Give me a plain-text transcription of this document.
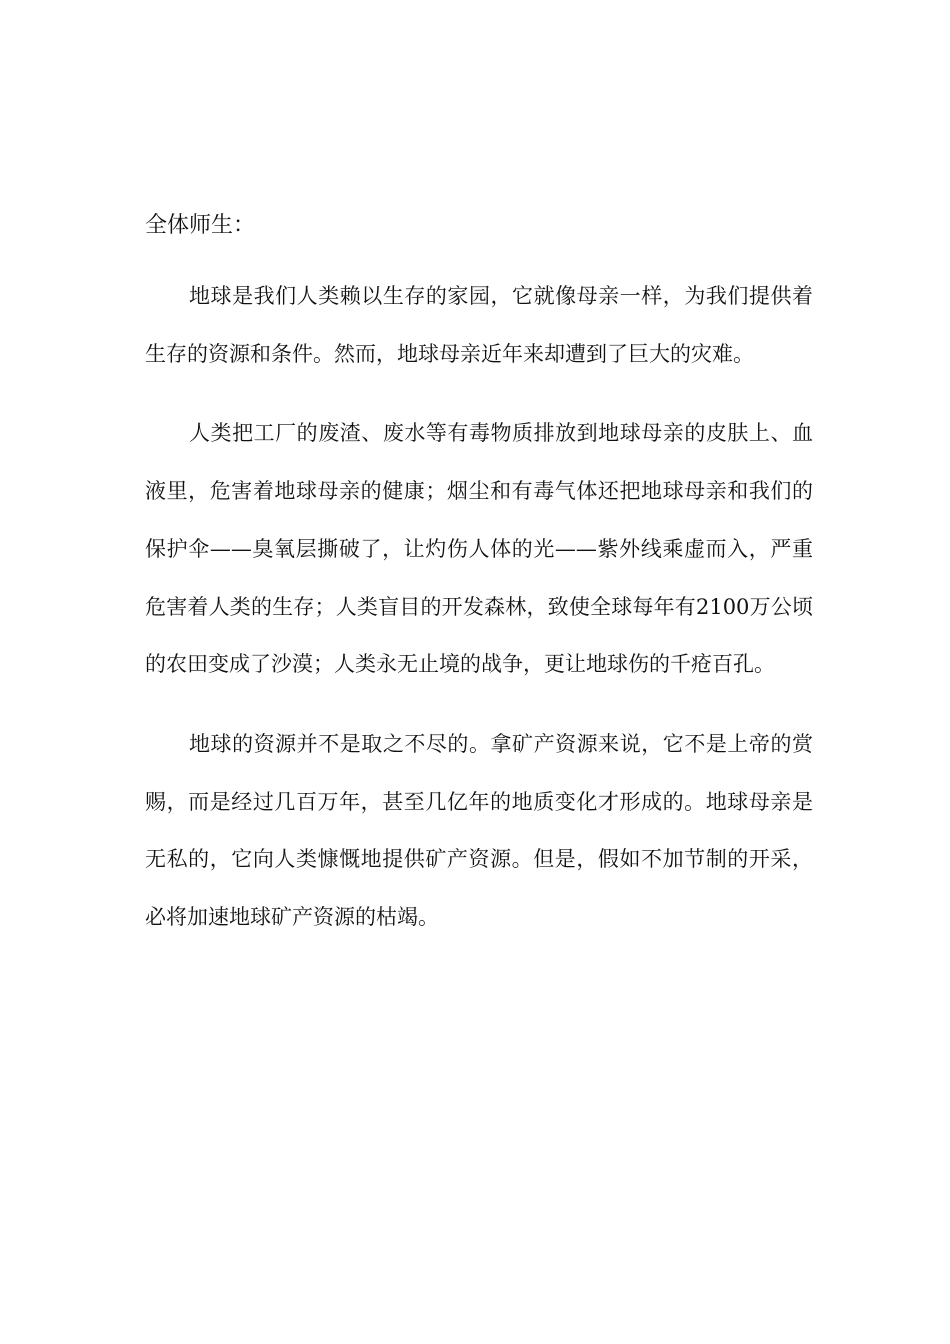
全体师生：

地球是我们人类赖以生存的家园，它就像母亲一样，为我们提供着生存的资源和条件。然而，地球母亲近年来却遭到了巨大的灾难。

人类把工厂的废渣、废水等有毒物质排放到地球母亲的皮肤上、血液里，危害着地球母亲的健康；烟尘和有毒气体还把地球母亲和我们的保护伞——臭氧层撕破了，让灼伤人体的光——紫外线乘虚而入，严重危害着人类的生存；人类盲目的开发森林，致使全球每年有2100万公顷的农田变成了沙漠；人类永无止境的战争，更让地球伤的千疮百孔。

地球的资源并不是取之不尽的。拿矿产资源来说，它不是上帝的赏赐，而是经过几百万年，甚至几亿年的地质变化才形成的。地球母亲是无私的，它向人类慷慨地提供矿产资源。但是，假如不加节制的开采，必将加速地球矿产资源的枯竭。
